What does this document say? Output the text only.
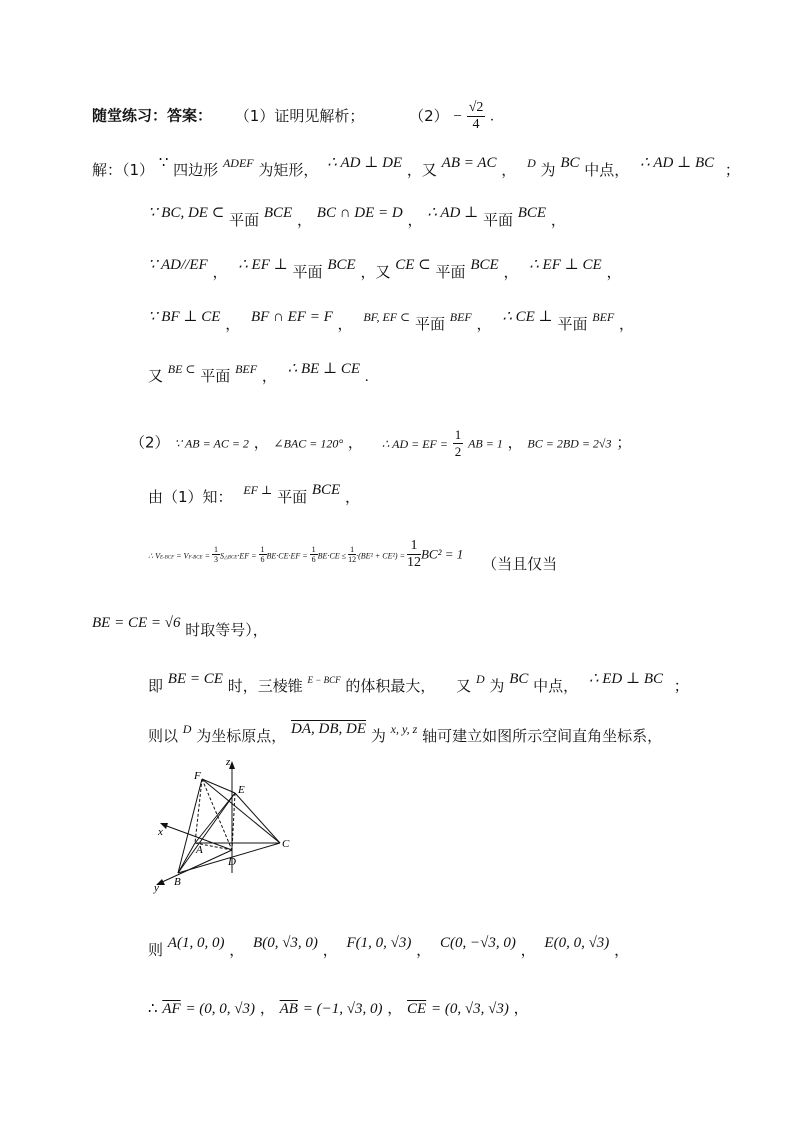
随堂练习：答案： （1）证明见解析；	$(2) - \frac{√2}{4}$ .
解：（1） ∵ 四边形 $^{ADEF}$ 为矩形， ∴ AD ⊥ DE ，又 AB = AC ， $^D$ 为 BC 中点， ∴ AD ⊥ BC ；
∵ BC, DE ⊂ 平面 BCE ， BC ∩ DE = D ， ∴ AD ⊥ 平面 BCE ，
∵ AD//EF ， ∴ EF ⊥ 平面 BCE ，又 CE ⊂ 平面 BCE ， ∴ EF ⊥ CE ，
∵ BF ⊥ CE ， BF ∩ EF = F ， $^{BF, EF \subset}$ 平面 $^{BEF}$ ， ∴ CE ⊥ 平面 $^{BEF}$ ，
又 $^{BE \subset}$ 平面 $^{BEF}$ ， ∴ BE ⊥ CE .
（2） ∵ AB = AC = 2 ， ∠BAC = 120° ， ∴ AD = EF = $\frac{1}{2}$ AB = 1 ， BC = 2BD = 2√3 ；
由（1）知： $^{EF \perp}$ 平面 BCE ，
∴ $VE-BCF = VF-BCE = \frac{1}{3}$ S△BCE·EF = $\frac{1}{6} BE\cdot CE\cdot EF = \frac{1}{6} BE\cdot CE \le \frac{1}{12} \cdot(BE^2 + CE^2) = \frac{1}{12} BC^2 = 1$ （当且仅当
BE = CE = √6 时取等号），
即 BE = CE 时，三棱锥 $^{E - BCF}$ 的体积最大， 又 $^D$ 为 BC 中点， ∴ ED ⊥ BC ；
则以 $^D$ 为坐标原点， DA, DB, DE 为 $^{x, y, z}$ 轴可建立如图所示空间直角坐标系，
z
F
E
x
A
D
C
y B
则 A(1, 0, 0) ， B(0, √3, 0) ， F(1, 0, √3) ， C(0, −√3, 0) ， E(0, 0, √3) ，
∴ $\overline{AF} = (0$, 0, √3) ， $\overline{AB} = (-1$, √3, 0) ， $\overline{CE} = (0$, √3, √3) ，
